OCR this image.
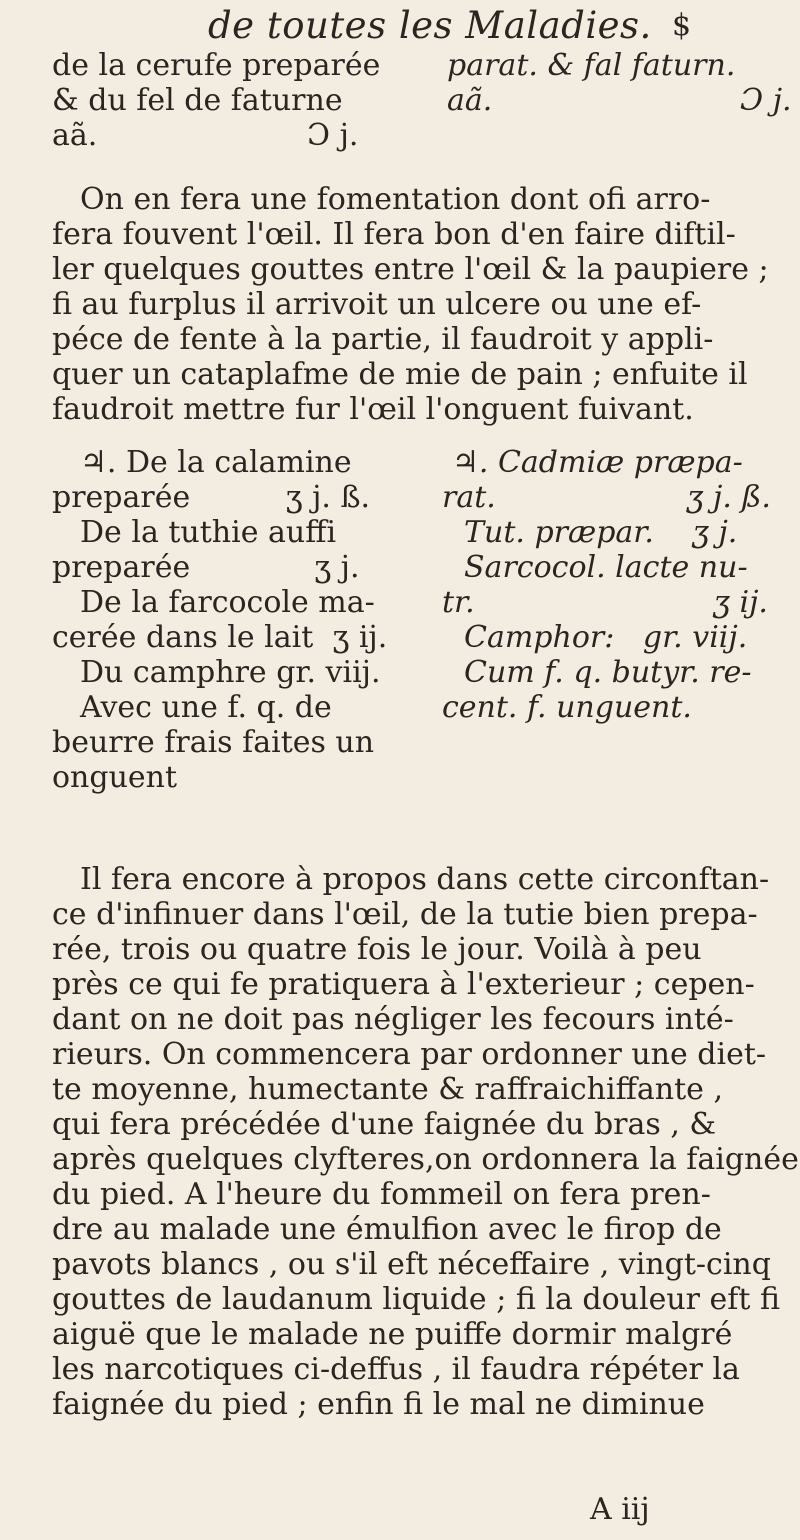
de toutes les Maladies. $
de la cerufe preparée
& du fel de faturne
aã.                      Ɔ j.
parat. & fal faturn.
aã.                          Ɔ j.
On en fera une fomentation dont ofi arro-
fera fouvent l'œil. Il fera bon d'en faire diftil-
ler quelques gouttes entre l'œil & la paupiere ;
fi au furplus il arrivoit un ulcere ou une ef-
péce de fente à la partie, il faudroit y appli-
quer un cataplafme de mie de pain ; enfuite il
faudroit mettre fur l'œil l'onguent fuivant.
♃. De la calamine
preparée          ʒ j. ß.
De la tuthie auffi
preparée             ʒ j.
De la farcocole ma-
cerée dans le lait  ʒ ij.
Du camphre gr. viij.
Avec une f. q. de
beurre frais faites un
onguent
♃. Cadmiæ præpa-
rat.                    ʒ j. ß.
Tut. præpar.    ʒ j.
Sarcocol. lacte nu-
tr.                         ʒ ij.
Camphor:   gr. viij.
Cum f. q. butyr. re-
cent. f. unguent.
Il fera encore à propos dans cette circonftan-
ce d'infinuer dans l'œil, de la tutie bien prepa-
rée, trois ou quatre fois le jour. Voilà à peu
près ce qui fe pratiquera à l'exterieur ; cepen-
dant on ne doit pas négliger les fecours inté-
rieurs. On commencera par ordonner une diet-
te moyenne, humectante & raffraichiffante ,
qui fera précédée d'une faignée du bras , &
après quelques clyfteres,on ordonnera la faignée
du pied. A l'heure du fommeil on fera pren-
dre au malade une émulfion avec le firop de
pavots blancs , ou s'il eft néceffaire , vingt-cinq
gouttes de laudanum liquide ; fi la douleur eft fi
aiguë que le malade ne puiffe dormir malgré
les narcotiques ci-deffus , il faudra répéter la
faignée du pied ; enfin fi le mal ne diminue
A iij
